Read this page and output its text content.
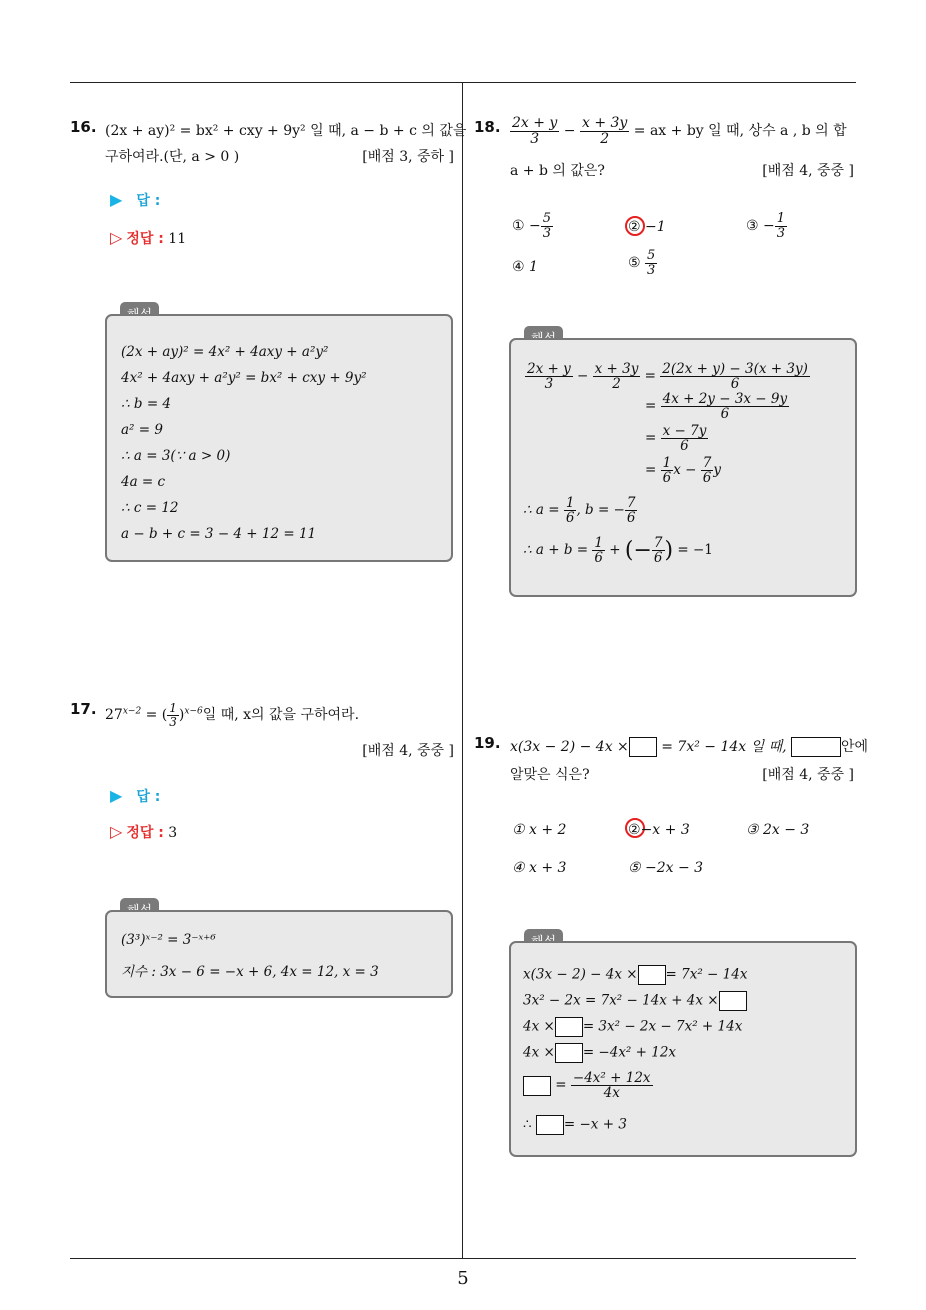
5
16. (2x + ay)² = bx² + cxy + 9y² 일 때, a − b + c 의 값을
구하여라.(단, a > 0 )	[배점 3, 중하 ]
▶ 답 :
▷ 정답 : 11
(2x + ay)² = 4x² + 4axy + a²y²
4x² + 4axy + a²y² = bx² + cxy + 9y²
∴ b = 4
a² = 9
∴ a = 3(∵ a > 0)
4a = c
∴ c = 12
a − b + c = 3 − 4 + 12 = 11
17. $27^{x-2}$ = ( $\frac{1}{3} )^{x-6}$일 때, x의 값을 구하여라.
[배점 4, 중중 ]
▶ 답 :
▷ 정답 : 3
(3³)ˣ⁻² = 3⁻ˣ⁺⁶
지수 : 3x − 6 = −x + 6, 4x = 12, x = 3
18. $\frac{2x + y}{3} - \frac{x + 3y}{2}$ = ax + by 일 때, 상수 a , b 의 합
a + b 의 값은?	[배점 4, 중중 ]
① − $\frac{5}{3}$	② −1	③ − $\frac{1}{3}$
④ 1	⑤ $\frac{5}{3}$
$\frac{2x + y}{3} - \frac{x + 3y}{2} = \frac{2(2x + y) - 3(x + 3y)}{6}$
= $\frac{4x + 2y - 3x - 9y}{6}$
= $\frac{x - 7y}{6}$
= $\frac{1}{6}$ $x - \frac{7}{6}$ y
∴ $a = \frac{1}{6}$ , b = − $\frac{7}{6}$
∴ $a + b = \frac{1}{6}$ + (− $\frac{7}{6}$ ) = −1
19. x(3x − 2) − 4x × = 7x² − 14x 일 때,	안에
알맞은 식은?	[배점 4, 중중 ]
① x + 2	②−x + 3	③ 2x − 3
④ x + 3	⑤ −2x − 3
x(3x − 2) − 4x × = 7x² − 14x
3x² − 2x = 7x² − 14x + 4x ×
4x × = 3x² − 2x − 7x² + 14x
4x × = −4x² + 12x
= $\frac{\text{−4x² + 12x}}{4x}$
∴ = −x + 3
